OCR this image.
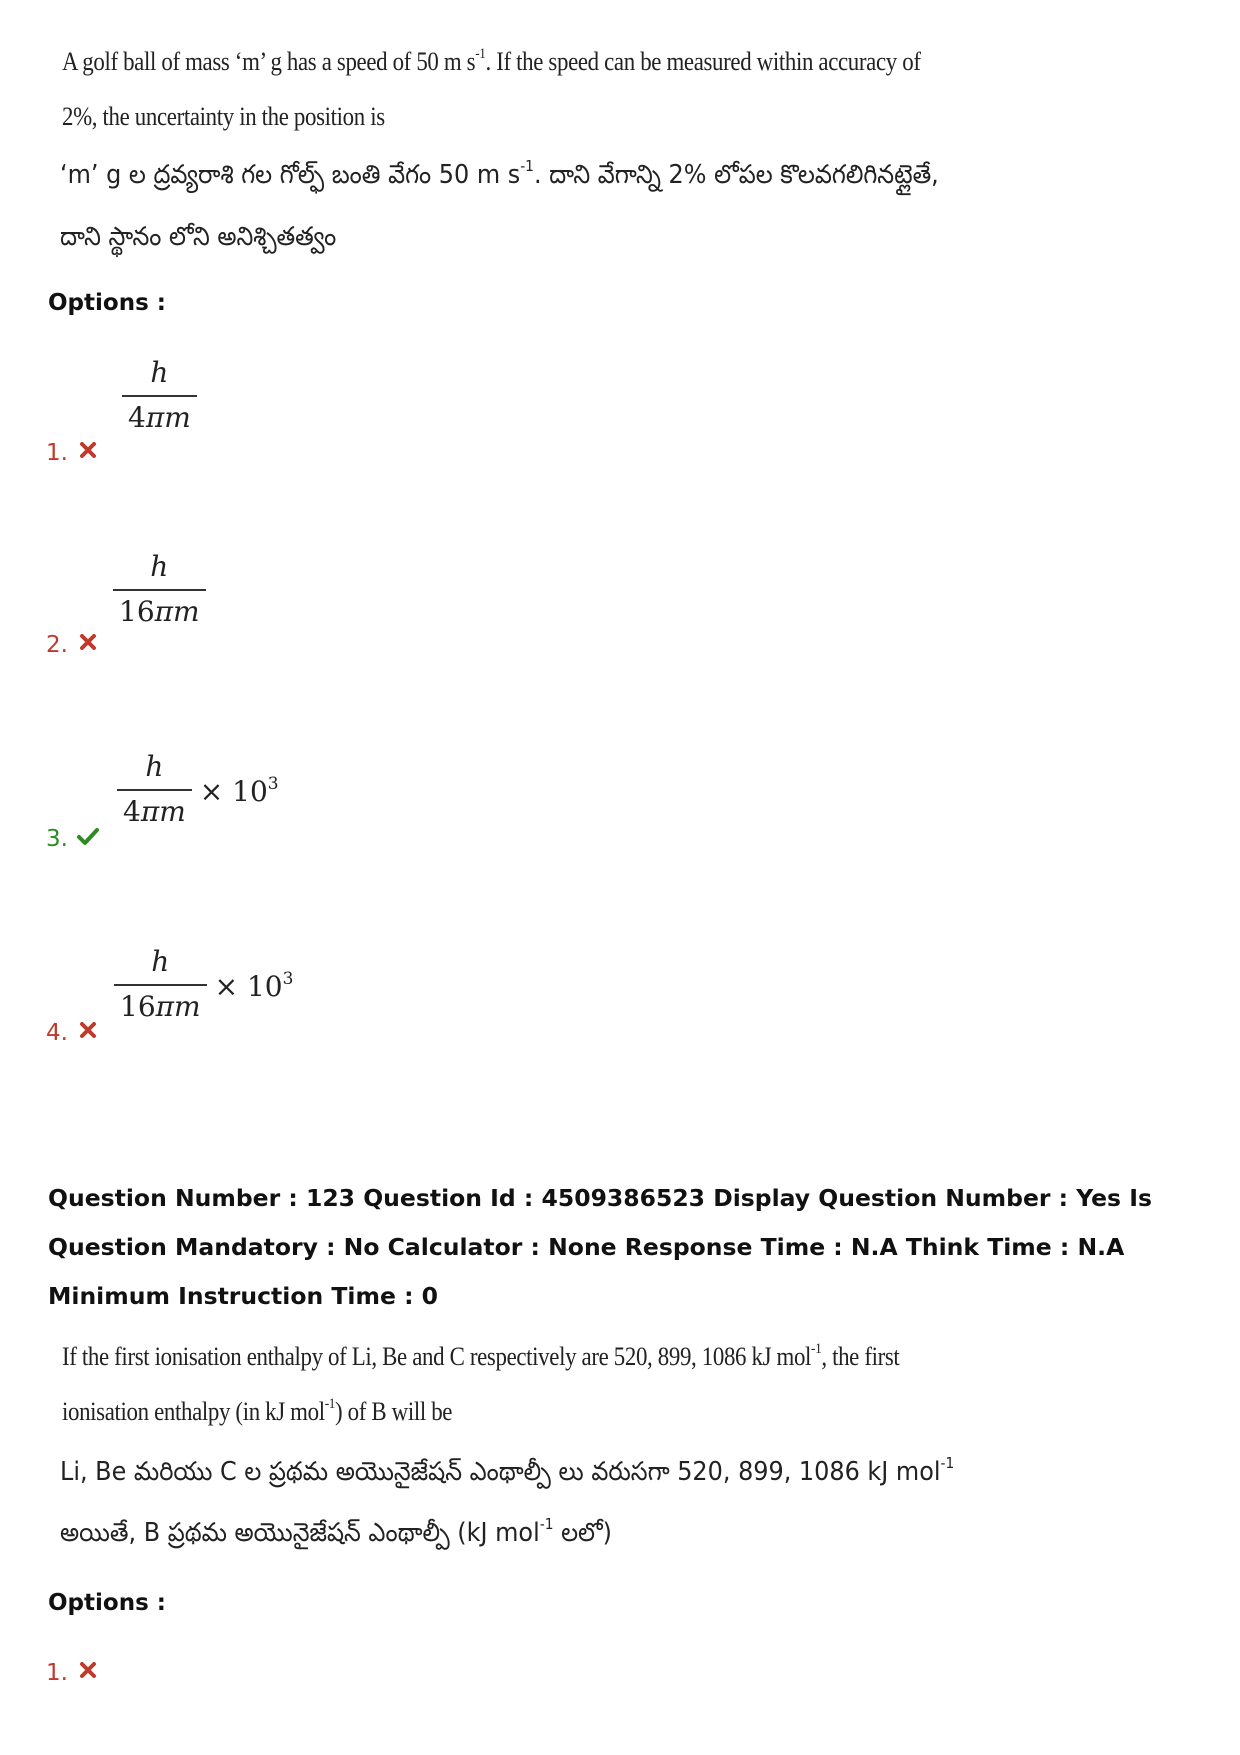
A golf ball of mass ‘m’ g has a speed of 50 m $s^{-1}$. If the speed can be measured within accuracy of
2%, the uncertainty in the position is
‘m’ g ల ద్రవ్యరాశి గల గోల్ఫ్ బంతి వేగం 50 m $s^{-1}$. దాని వేగాన్ని 2% లోపల కొలవగలిగినట్లైతే,
దాని స్థానం లోని అనిశ్చితత్వం
Options :
$\frac{h}{4\pi m}$
1.
$\frac{h}{16\pi m}$
2.
$\frac{h}{4\pi m} \times 10^3$
3.
$\frac{h}{16\pi m} \times 10^3$
4.
Question Number : 123 Question Id : 4509386523 Display Question Number : Yes Is Question Mandatory : No Calculator : None Response Time : N.A Think Time : N.A Minimum Instruction Time : 0
If the first ionisation enthalpy of Li, Be and C respectively are 520, 899, 1086 kJ mol$^{-1}$, the first
ionisation enthalpy (in kJ mol$^{-1}$) of B will be
Li, Be మరియు C ల ప్రథమ అయొనైజేషన్ ఎంథాల్పీ లు వరుసగా 520, 899, 1086 kJ mol$^{-1}$
అయితే, B ప్రథమ అయొనైజేషన్ ఎంథాల్పీ (kJ mol$^{-1}$ లలో)
Options :
1.
